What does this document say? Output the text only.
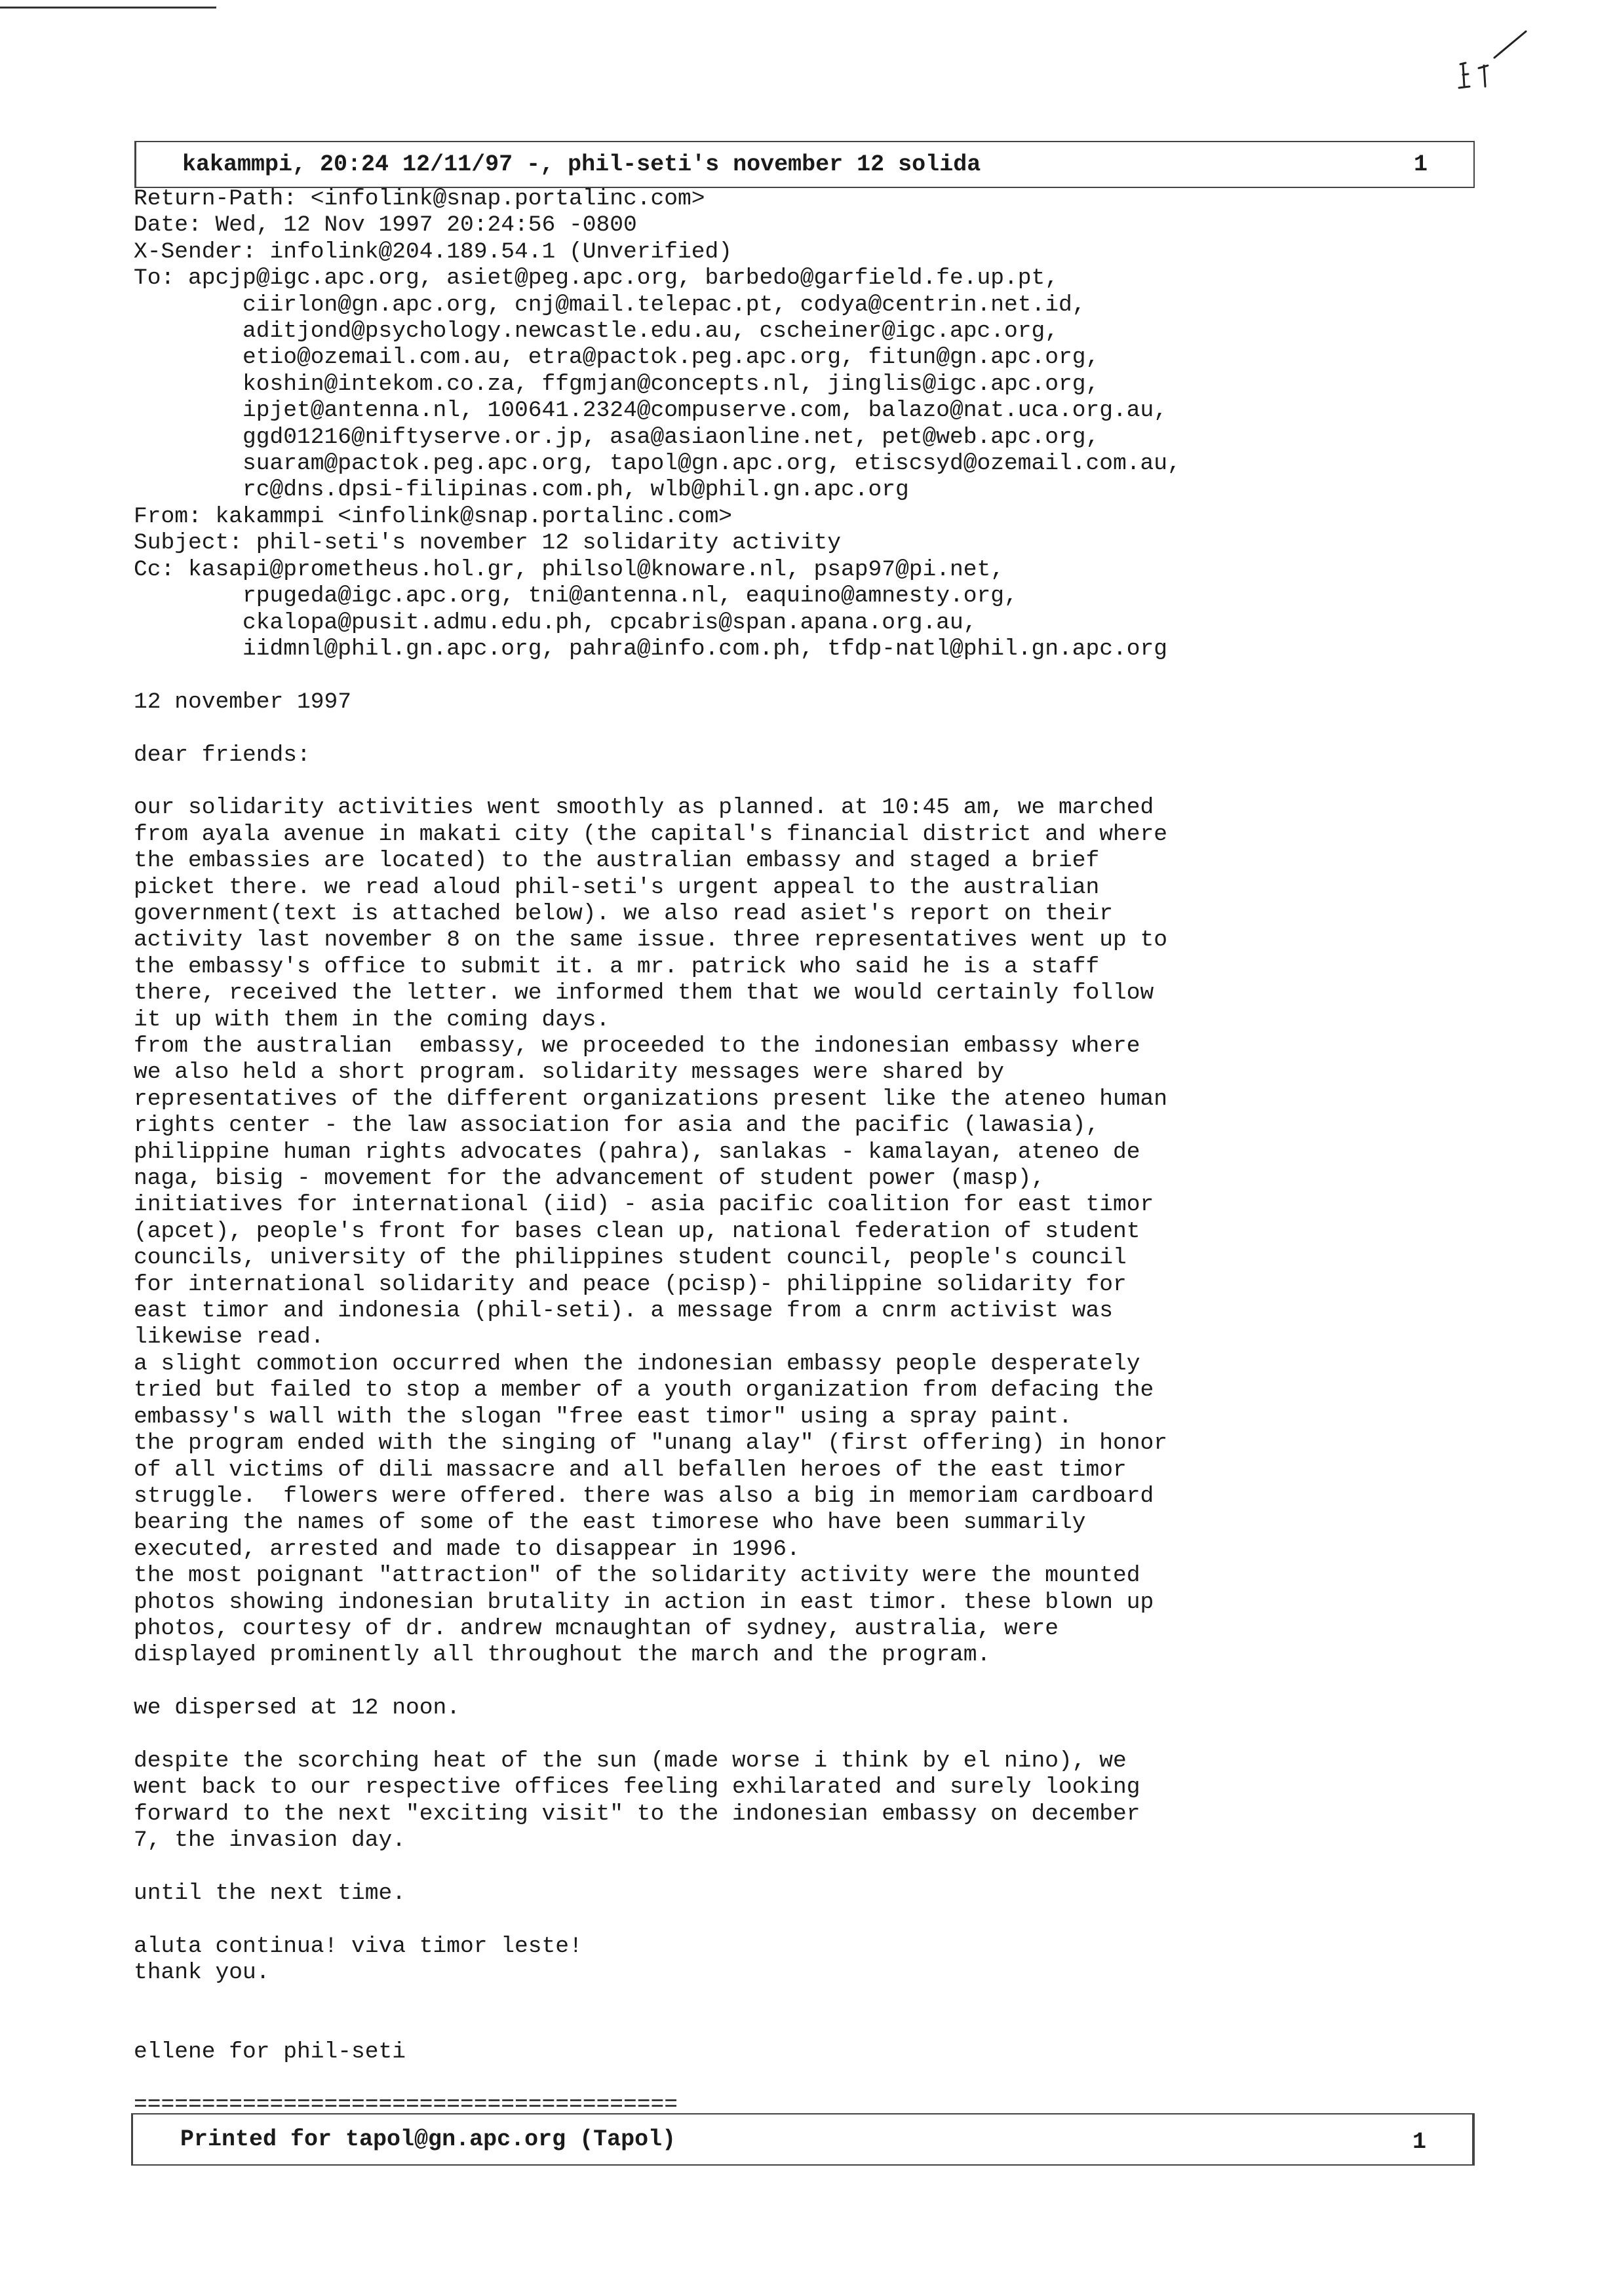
kakammpi, 20:24 12/11/97 -, phil-seti's november 12 solida	1
Return-Path: <infolink@snap.portalinc.com>
Date: Wed, 12 Nov 1997 20:24:56 -0800
X-Sender: infolink@204.189.54.1 (Unverified)
To: apcjp@igc.apc.org, asiet@peg.apc.org, barbedo@garfield.fe.up.pt,
ciirlon@gn.apc.org, cnj@mail.telepac.pt, codya@centrin.net.id,
aditjond@psychology.newcastle.edu.au, cscheiner@igc.apc.org,
etio@ozemail.com.au, etra@pactok.peg.apc.org, fitun@gn.apc.org,
koshin@intekom.co.za, ffgmjan@concepts.nl, jinglis@igc.apc.org,
ipjet@antenna.nl, 100641.2324@compuserve.com, balazo@nat.uca.org.au,
ggd01216@niftyserve.or.jp, asa@asiaonline.net, pet@web.apc.org,
suaram@pactok.peg.apc.org, tapol@gn.apc.org, etiscsyd@ozemail.com.au,
rc@dns.dpsi-filipinas.com.ph, wlb@phil.gn.apc.org
From: kakammpi <infolink@snap.portalinc.com>
Subject: phil-seti's november 12 solidarity activity
Cc: kasapi@prometheus.hol.gr, philsol@knoware.nl, psap97@pi.net,
rpugeda@igc.apc.org, tni@antenna.nl, eaquino@amnesty.org,
ckalopa@pusit.admu.edu.ph, cpcabris@span.apana.org.au,
iidmnl@phil.gn.apc.org, pahra@info.com.ph, tfdp-natl@phil.gn.apc.org

12 november 1997

dear friends:

our solidarity activities went smoothly as planned. at 10:45 am, we marched
from ayala avenue in makati city (the capital's financial district and where
the embassies are located) to the australian embassy and staged a brief
picket there. we read aloud phil-seti's urgent appeal to the australian
government(text is attached below). we also read asiet's report on their
activity last november 8 on the same issue. three representatives went up to
the embassy's office to submit it. a mr. patrick who said he is a staff
there, received the letter. we informed them that we would certainly follow
it up with them in the coming days.
from the australian  embassy, we proceeded to the indonesian embassy where
we also held a short program. solidarity messages were shared by
representatives of the different organizations present like the ateneo human
rights center - the law association for asia and the pacific (lawasia),
philippine human rights advocates (pahra), sanlakas - kamalayan, ateneo de
naga, bisig - movement for the advancement of student power (masp),
initiatives for international (iid) - asia pacific coalition for east timor
(apcet), people's front for bases clean up, national federation of student
councils, university of the philippines student council, people's council
for international solidarity and peace (pcisp)- philippine solidarity for
east timor and indonesia (phil-seti). a message from a cnrm activist was
likewise read.
a slight commotion occurred when the indonesian embassy people desperately
tried but failed to stop a member of a youth organization from defacing the
embassy's wall with the slogan "free east timor" using a spray paint.
the program ended with the singing of "unang alay" (first offering) in honor
of all victims of dili massacre and all befallen heroes of the east timor
struggle.  flowers were offered. there was also a big in memoriam cardboard
bearing the names of some of the east timorese who have been summarily
executed, arrested and made to disappear in 1996.
the most poignant "attraction" of the solidarity activity were the mounted
photos showing indonesian brutality in action in east timor. these blown up
photos, courtesy of dr. andrew mcnaughtan of sydney, australia, were
displayed prominently all throughout the march and the program.

we dispersed at 12 noon.

despite the scorching heat of the sun (made worse i think by el nino), we
went back to our respective offices feeling exhilarated and surely looking
forward to the next "exciting visit" to the indonesian embassy on december
7, the invasion day.

until the next time.

aluta continua! viva timor leste!
thank you.

ellene for phil-seti

========================================
Printed for tapol@gn.apc.org (Tapol)	1
